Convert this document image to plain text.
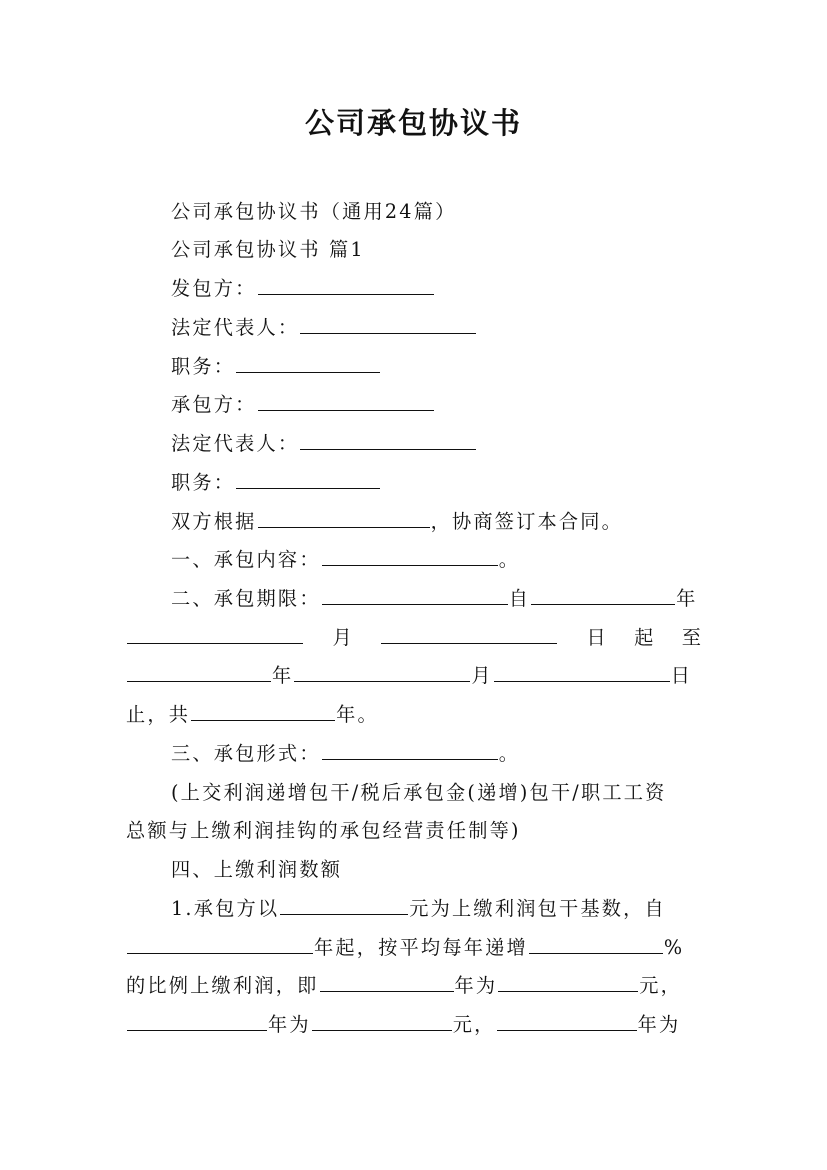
公司承包协议书
公司承包协议书（通用24篇）
公司承包协议书 篇1
发包方：
法定代表人：
职务：
承包方：
法定代表人：
职务：
双方根据	，协商签订本合同。
一、承包内容：	。
二、承包期限：	自	年
月	日 起 至
年	月	日
止，共	年。
三、承包形式：	。
(上交利润递增包干/税后承包金(递增)包干/职工工资
总额与上缴利润挂钩的承包经营责任制等)
四、上缴利润数额
1.承包方以	元为上缴利润包干基数，自
年起，按平均每年递增	%
的比例上缴利润，即	年为	元，
年为	元，	年为
